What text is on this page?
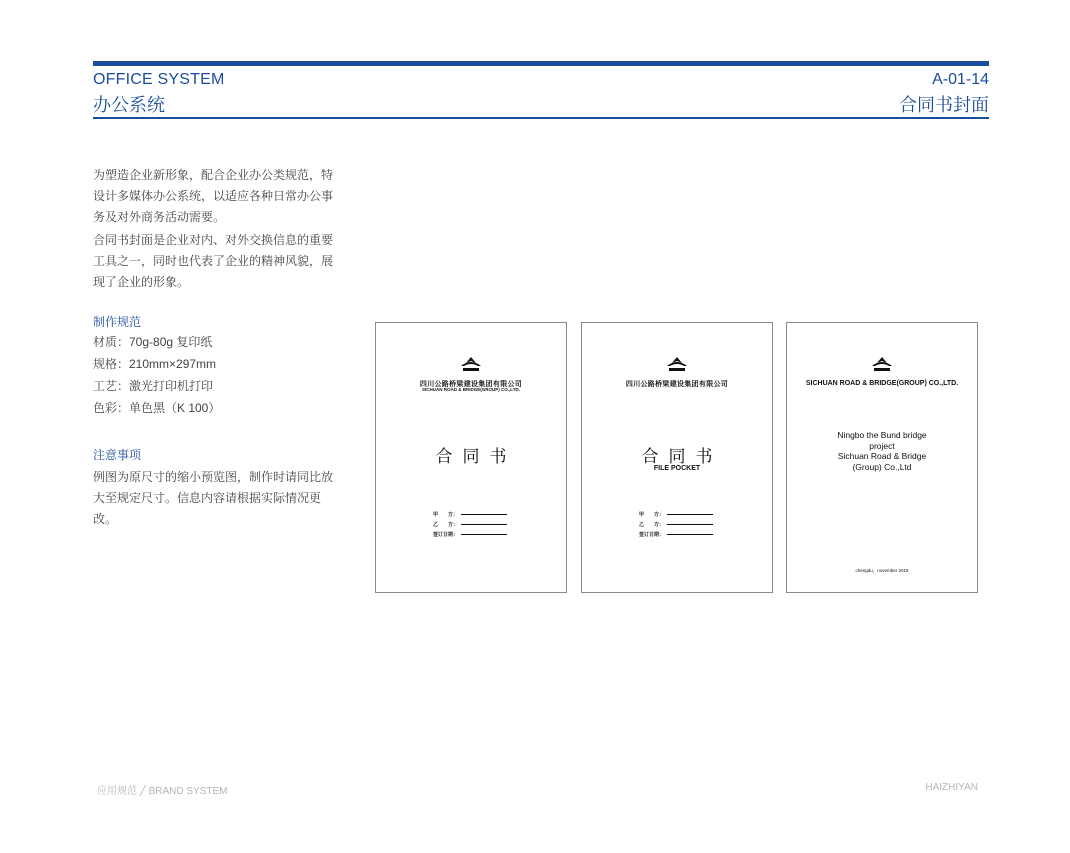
OFFICE SYSTEM
办公系统
A-01-14
合同书封面

为塑造企业新形象，配合企业办公类规范，特设计多媒体办公系统，以适应各种日常办公事务及对外商务活动需要。

合同书封面是企业对内、对外交换信息的重要工具之一，同时也代表了企业的精神风貌，展现了企业的形象。

制作规范
材质：70g-80g 复印纸
规格：210mm×297mm
工艺：激光打印机打印
色彩：单色黑（K 100）
注意事项
例图为原尺寸的缩小预览图，制作时请同比放大至规定尺寸。信息内容请根据实际情况更改。
四川公路桥梁建设集团有限公司
SICHUAN ROAD & BRIDGE(GROUP) CO.,LTD.
合同书
甲　　方：
乙　　方：
签订日期：
四川公路桥梁建设集团有限公司
合同书
FILE POCKET
甲　　方：
乙　　方：
签订日期：
SICHUAN ROAD & BRIDGE(GROUP) CO.,LTD.
Ningbo the Bund bridge
project
Sichuan Road & Bridge
(Group) Co.,Ltd
chengdu，november 2018
应用规范 ╱ BRAND SYSTEM	HAIZHIYAN
